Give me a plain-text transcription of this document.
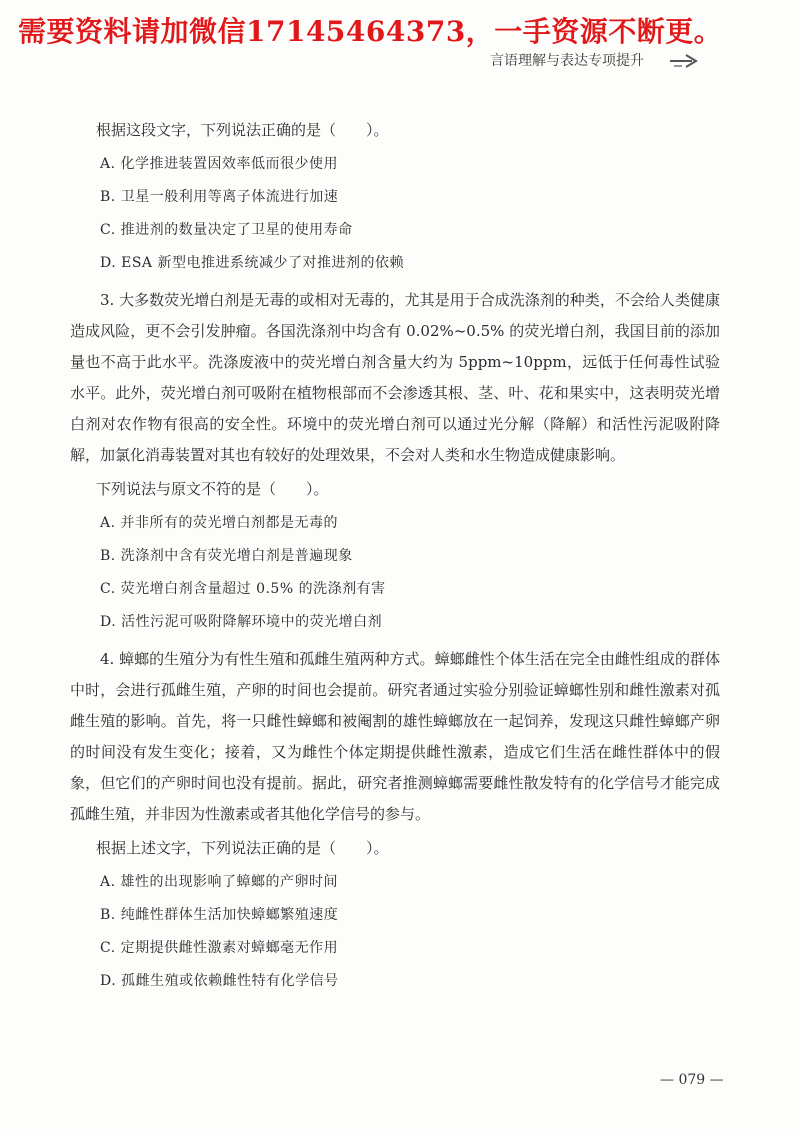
需要资料请加微信17145464373，一手资源不断更。
言语理解与表达专项提升
根据这段文字，下列说法正确的是（　　）。
A. 化学推进装置因效率低而很少使用
B. 卫星一般利用等离子体流进行加速
C. 推进剂的数量决定了卫星的使用寿命
D. ESA 新型电推进系统减少了对推进剂的依赖

3. 大多数荧光增白剂是无毒的或相对无毒的，尤其是用于合成洗涤剂的种类，不会给人类健康造成风险，更不会引发肿瘤。各国洗涤剂中均含有 0.02%~0.5% 的荧光增白剂，我国目前的添加量也不高于此水平。洗涤废液中的荧光增白剂含量大约为 5ppm~10ppm，远低于任何毒性试验水平。此外，荧光增白剂可吸附在植物根部而不会渗透其根、茎、叶、花和果实中，这表明荧光增白剂对农作物有很高的安全性。环境中的荧光增白剂可以通过光分解（降解）和活性污泥吸附降解，加氯化消毒装置对其也有较好的处理效果，不会对人类和水生物造成健康影响。

下列说法与原文不符的是（　　）。
A. 并非所有的荧光增白剂都是无毒的
B. 洗涤剂中含有荧光增白剂是普遍现象
C. 荧光增白剂含量超过 0.5% 的洗涤剂有害
D. 活性污泥可吸附降解环境中的荧光增白剂

4. 蟑螂的生殖分为有性生殖和孤雌生殖两种方式。蟑螂雌性个体生活在完全由雌性组成的群体中时，会进行孤雌生殖，产卵的时间也会提前。研究者通过实验分别验证蟑螂性别和雌性激素对孤雌生殖的影响。首先，将一只雌性蟑螂和被阉割的雄性蟑螂放在一起饲养，发现这只雌性蟑螂产卵的时间没有发生变化；接着，又为雌性个体定期提供雌性激素，造成它们生活在雌性群体中的假象，但它们的产卵时间也没有提前。据此，研究者推测蟑螂需要雌性散发特有的化学信号才能完成孤雌生殖，并非因为性激素或者其他化学信号的参与。

根据上述文字，下列说法正确的是（　　）。
A. 雄性的出现影响了蟑螂的产卵时间
B. 纯雌性群体生活加快蟑螂繁殖速度
C. 定期提供雌性激素对蟑螂毫无作用
D. 孤雌生殖或依赖雌性特有化学信号
— 079 —
